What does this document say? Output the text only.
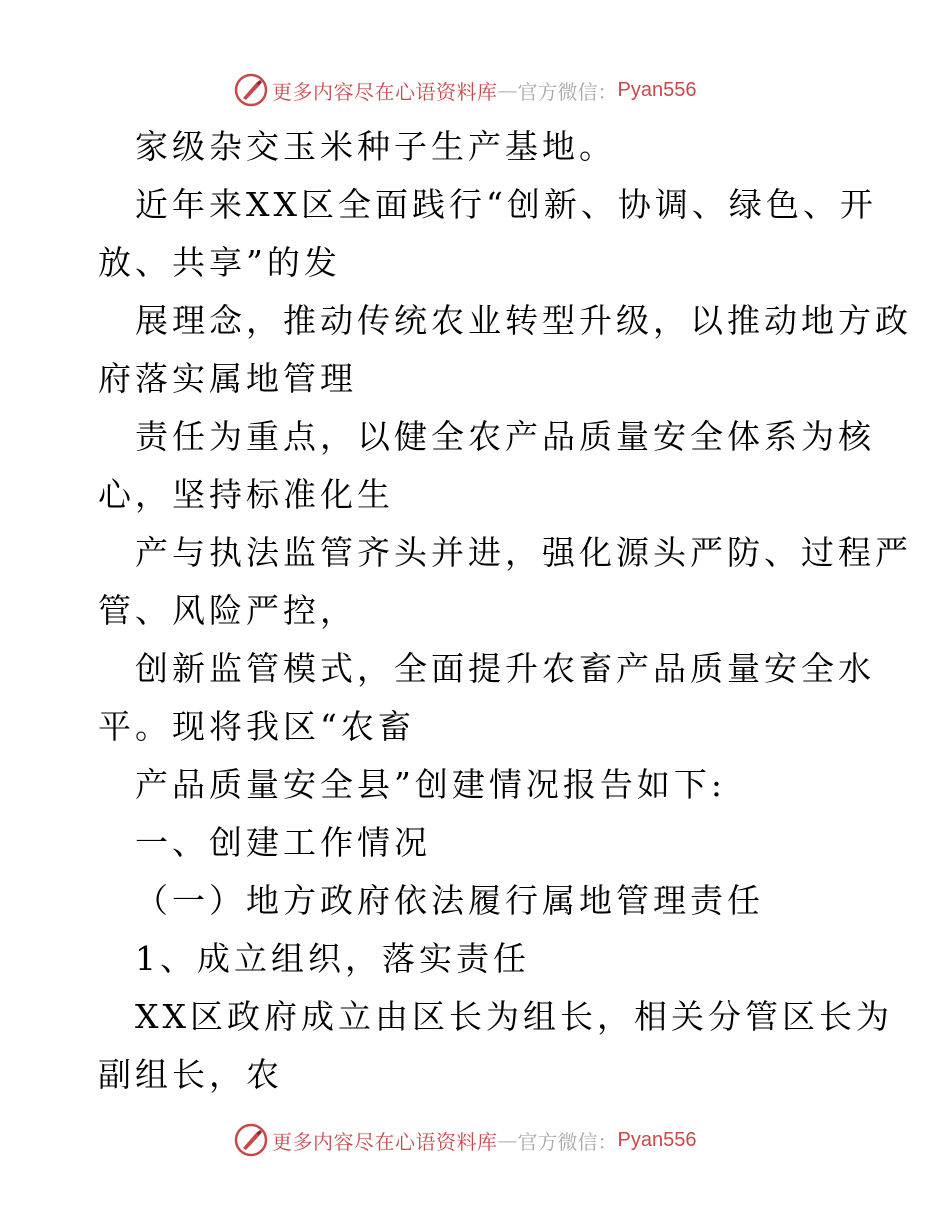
更多内容尽在心语资料库 — 官方微信： Pyan556
家级杂交玉米种子生产基地。
近年来XX区全面践行“创新、协调、绿色、开
放、共享”的发
展理念，推动传统农业转型升级，以推动地方政
府落实属地管理
责任为重点，以健全农产品质量安全体系为核
心，坚持标准化生
产与执法监管齐头并进，强化源头严防、过程严
管、风险严控，
创新监管模式，全面提升农畜产品质量安全水
平。现将我区“农畜
产品质量安全县”创建情况报告如下:
一、创建工作情况
（一）地方政府依法履行属地管理责任
1、成立组织，落实责任
XX区政府成立由区长为组长，相关分管区长为
副组长，农
更多内容尽在心语资料库 — 官方微信： Pyan556
